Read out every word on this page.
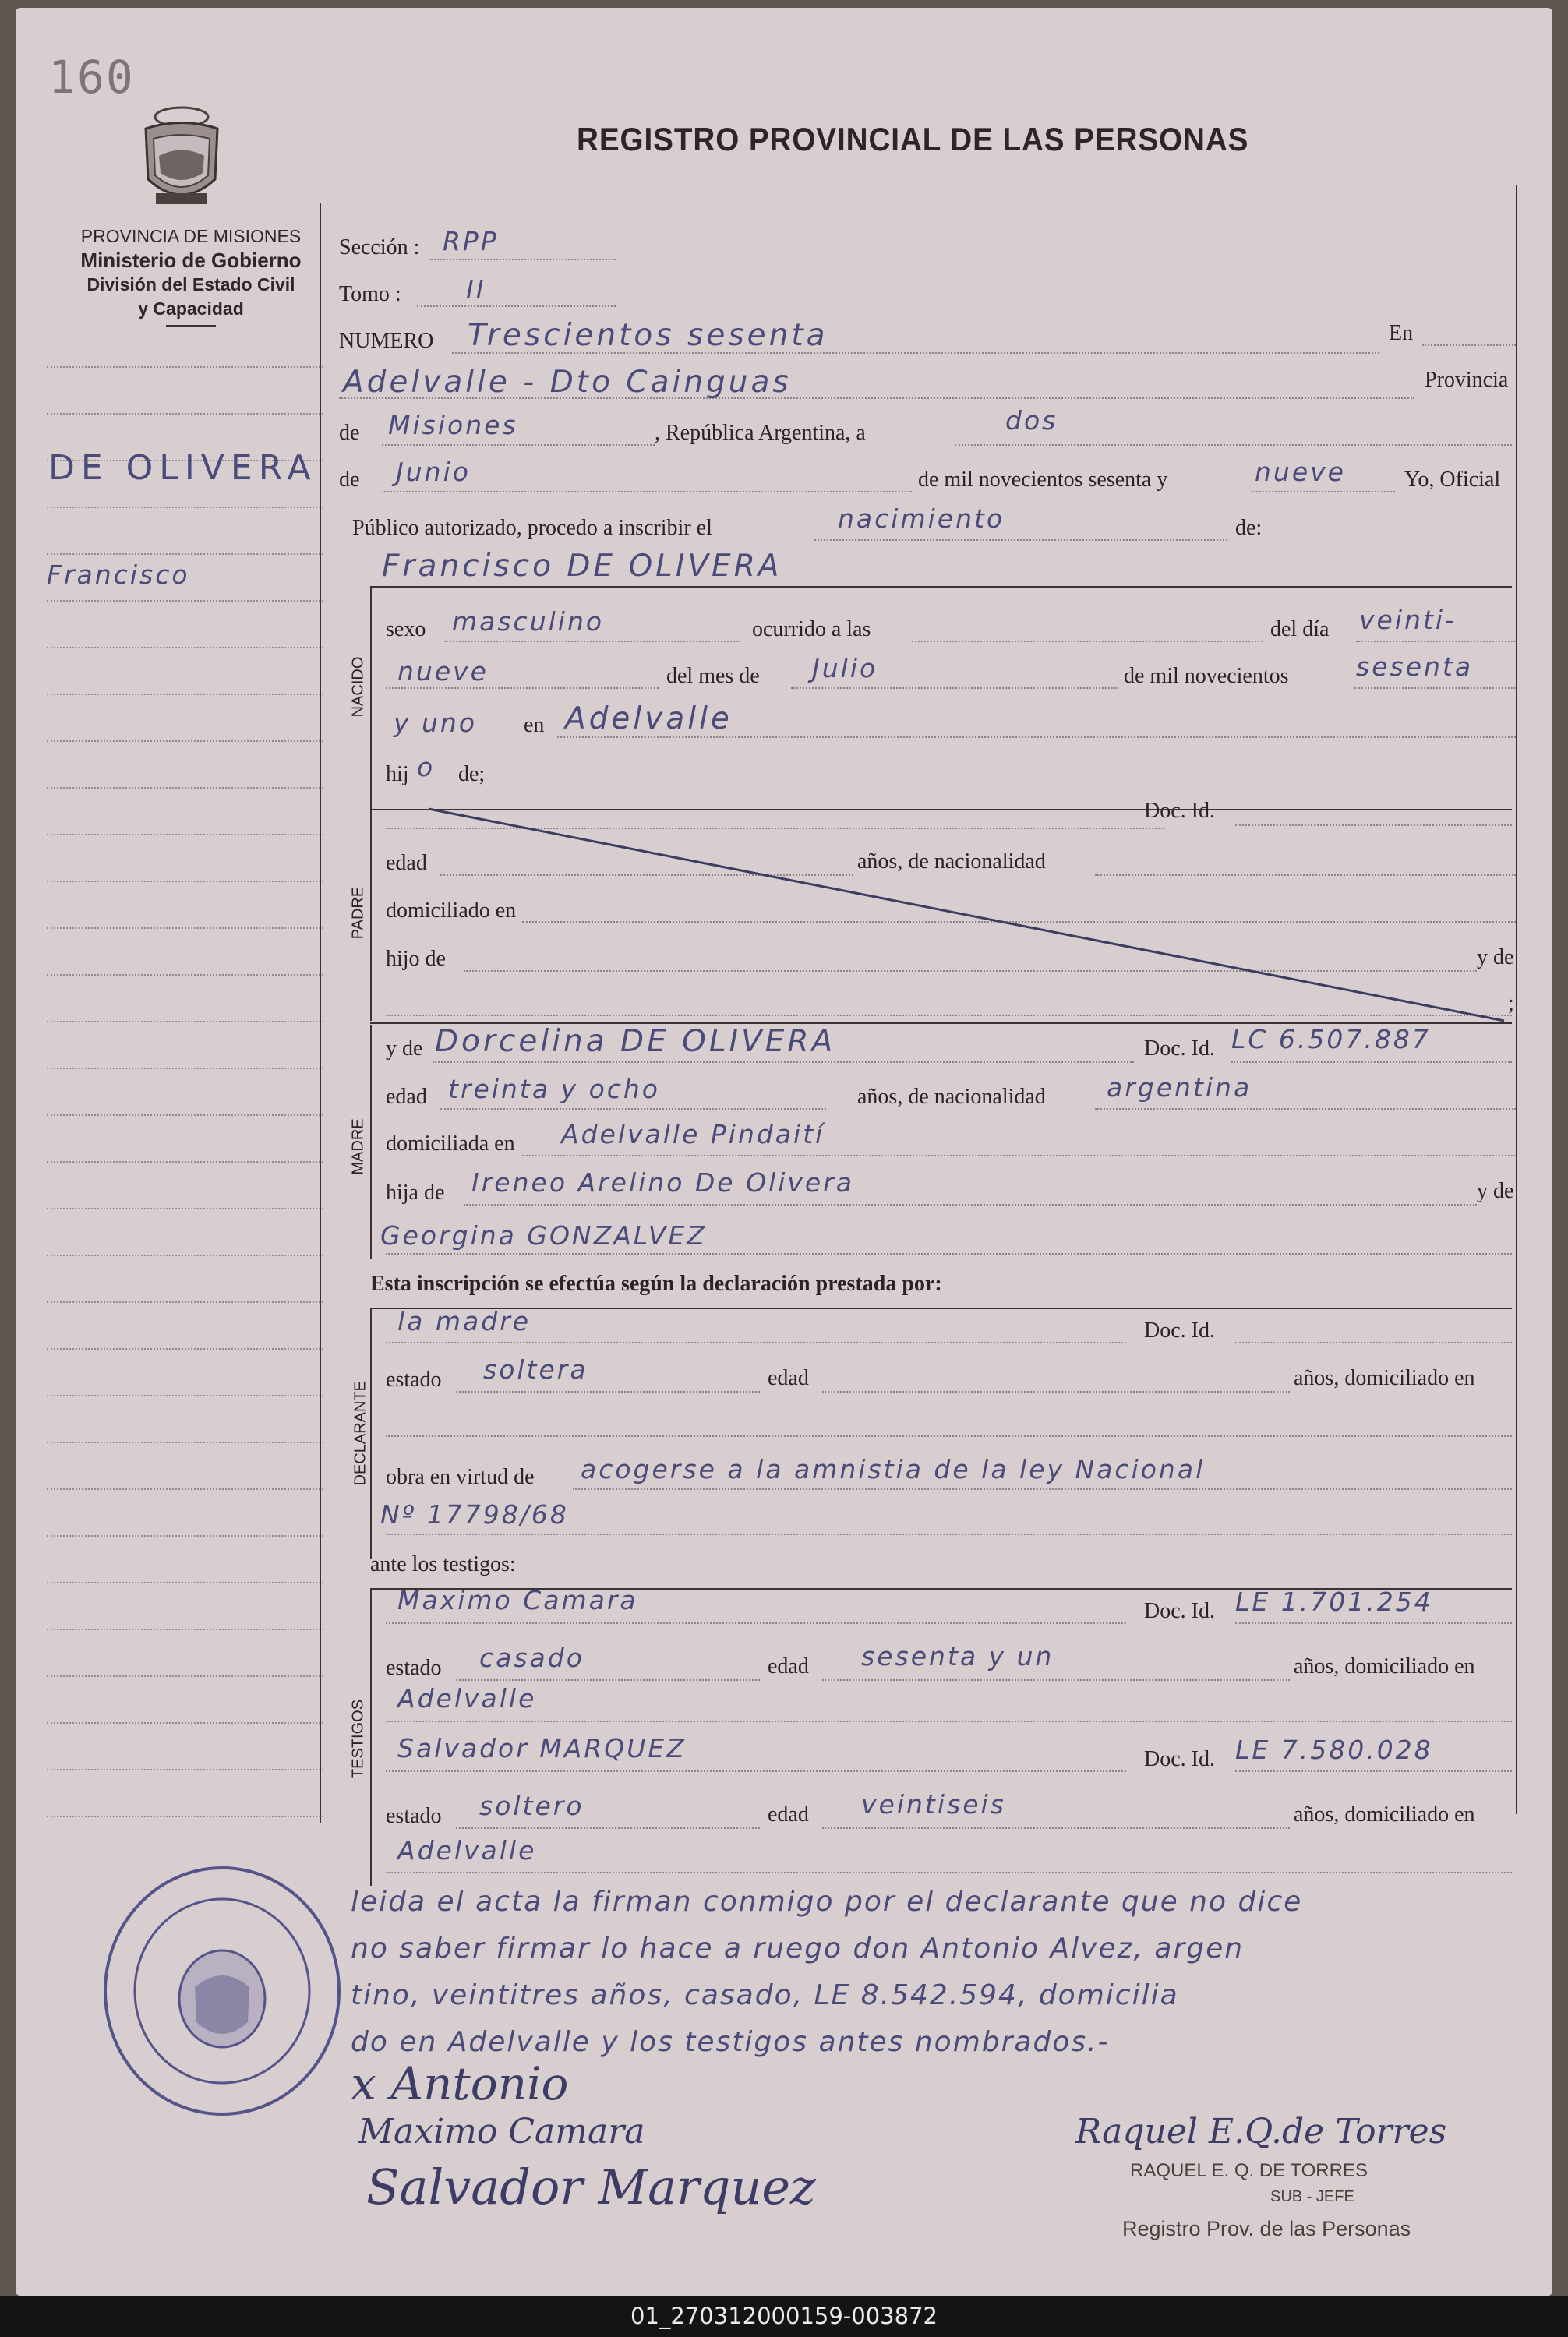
160
REGISTRO PROVINCIAL DE LAS PERSONAS
PROVINCIA DE MISIONES
Ministerio de Gobierno
División del Estado Civil
y Capacidad
DE OLIVERA
Francisco
Sección : RPP
Tomo :	II
NUMERO Trescientos sesenta	En
Adelvalle - Dto Cainguas	Provincia
de Misiones	, República Argentina, a	dos
de Junio	de mil novecientos sesenta y	nueve	Yo, Oficial
Público autorizado, procedo a inscribir el	nacimiento	de:
Francisco DE OLIVERA
NACIDO
sexo masculino	ocurrido a las	del día veinti-
nueve	del mes de Julio	de mil novecientos	sesenta
y uno en Adelvalle
hij o de;
PADRE
Doc. Id.
edad	años, de nacionalidad
domiciliado en
hijo de	y de
;
MADRE
y de Dorcelina DE OLIVERA	Doc. Id. LC 6.507.887
edad treinta y ocho	años, de nacionalidad argentina
domiciliada en Adelvalle Pindaití
hija de Ireneo Arelino De Olivera	y de
Georgina GONZALVEZ
Esta inscripción se efectúa según la declaración prestada por:
DECLARANTE
la madre	Doc. Id.
estado soltera	edad	años, domiciliado en
obra en virtud de acogerse a la amnistia de la ley Nacional
Nº 17798/68
ante los testigos:
TESTIGOS
Maximo Camara	Doc. Id. LE 1.701.254
estado casado	edad sesenta y un	años, domiciliado en
Adelvalle
Salvador MARQUEZ	Doc. Id. LE 7.580.028
estado soltero	edad veintiseis	años, domiciliado en
Adelvalle
leida el acta la firman conmigo por el declarante que no dice
no saber firmar lo hace a ruego don Antonio Alvez, argen
tino, veintitres años, casado, LE 8.542.594, domicilia
do en Adelvalle y los testigos antes nombrados.-
x Antonio
Maximo Camara
Salvador Marquez
Raquel E.Q.de Torres
RAQUEL E. Q. DE TORRES
SUB - JEFE
Registro Prov. de las Personas
01_270312000159-003872
